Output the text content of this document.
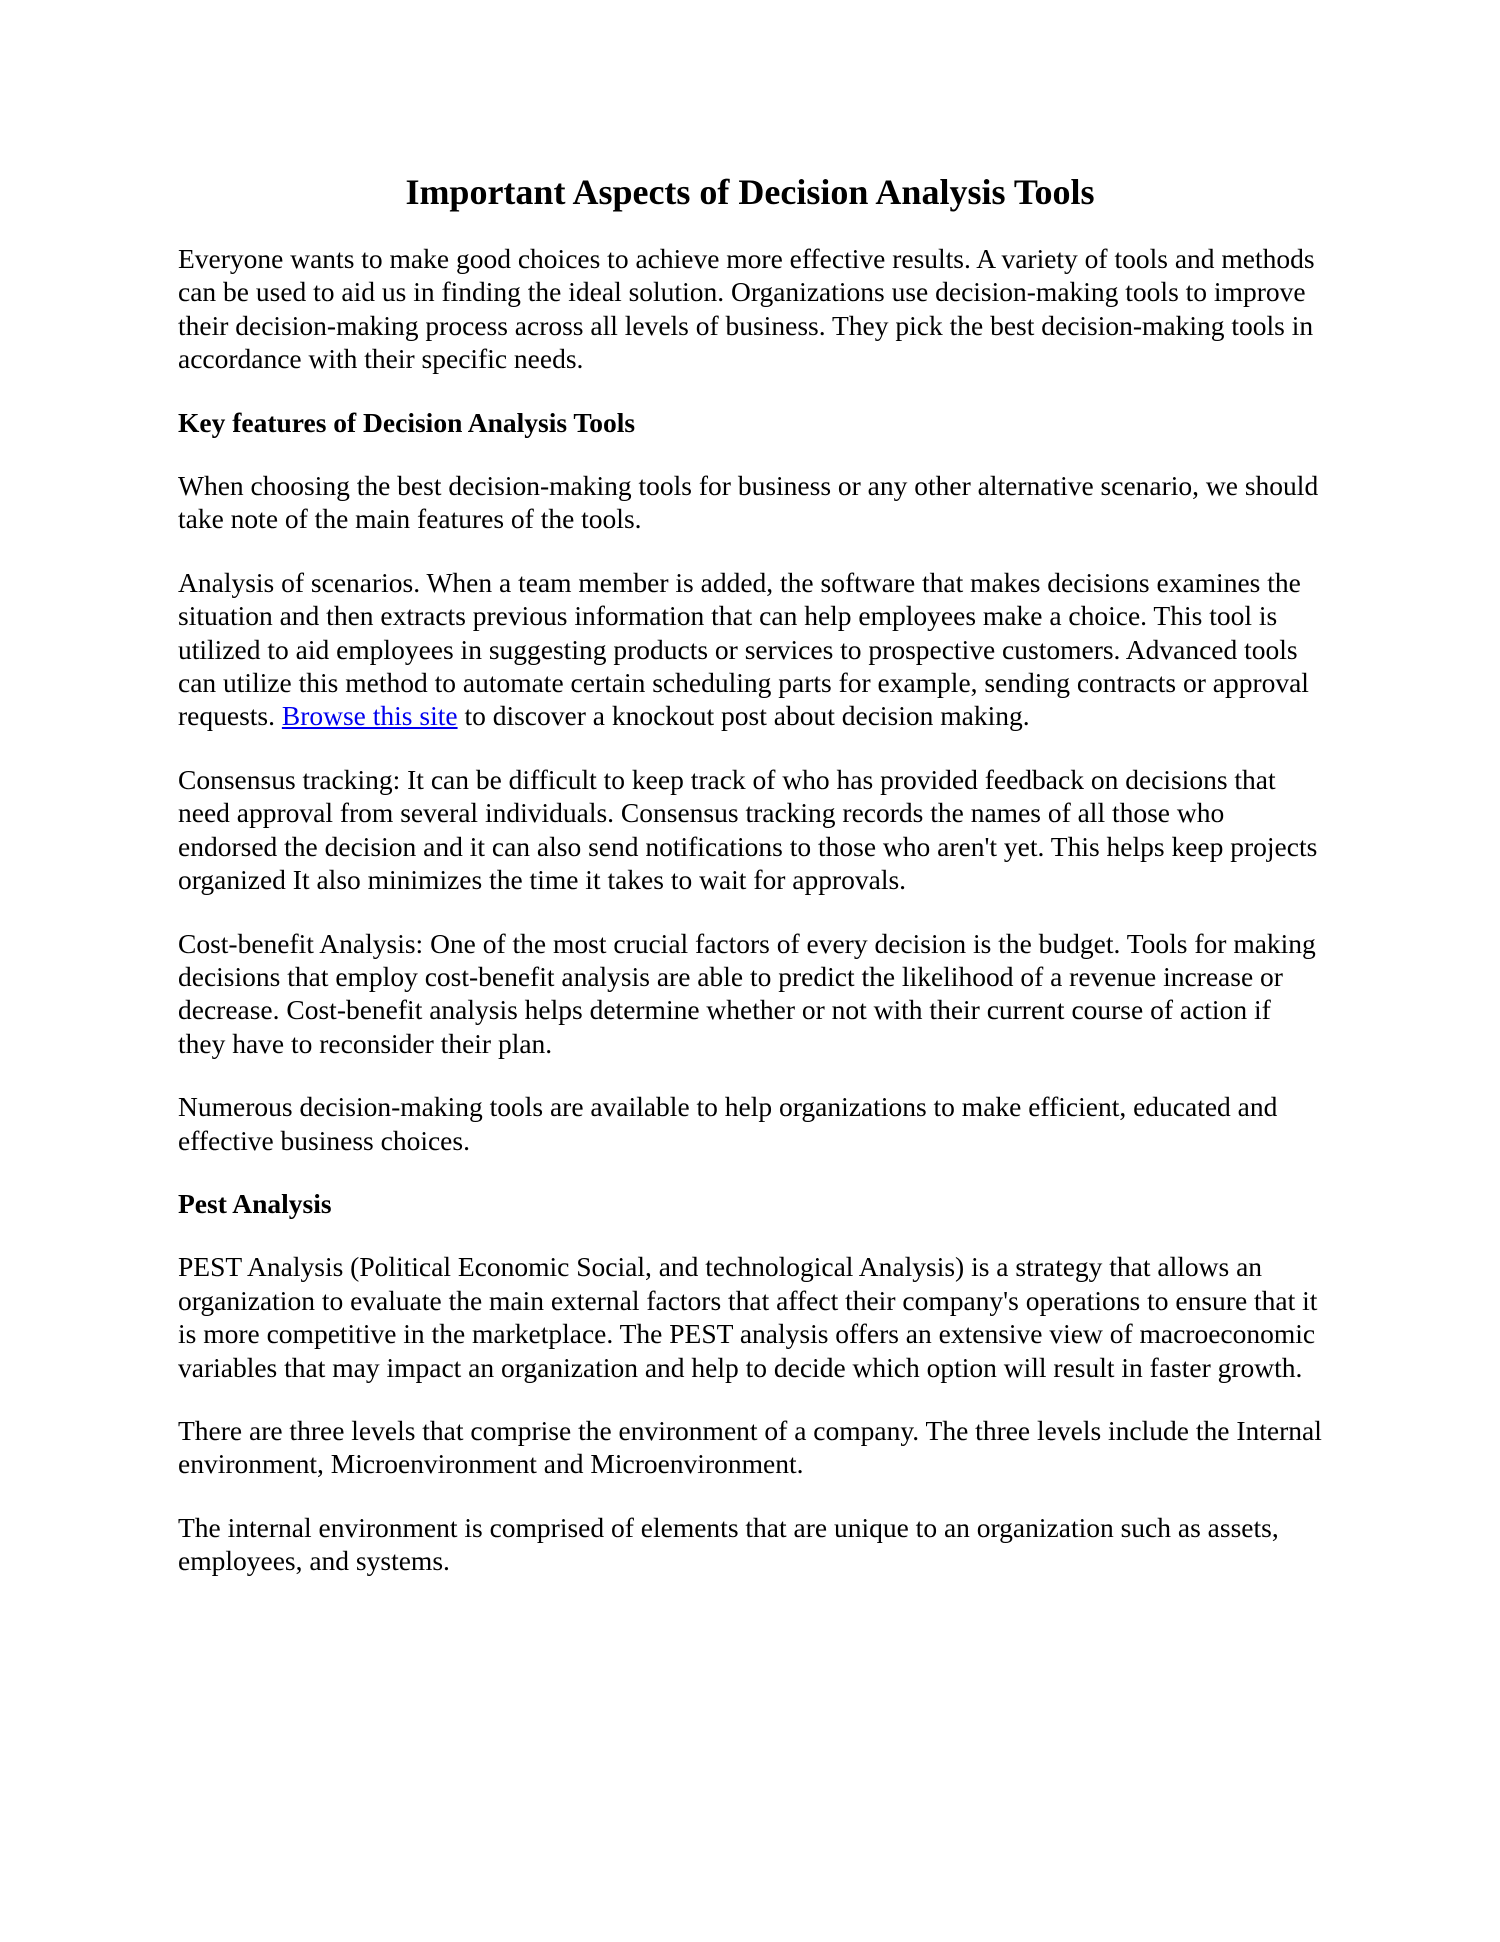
Important Aspects of Decision Analysis Tools

Everyone wants to make good choices to achieve more effective results. A variety of tools and methods can be used to aid us in finding the ideal solution. Organizations use decision-making tools to improve their decision-making process across all levels of business. They pick the best decision-making tools in accordance with their specific needs.

Key features of Decision Analysis Tools

When choosing the best decision-making tools for business or any other alternative scenario, we should take note of the main features of the tools.

Analysis of scenarios. When a team member is added, the software that makes decisions examines the situation and then extracts previous information that can help employees make a choice. This tool is utilized to aid employees in suggesting products or services to prospective customers. Advanced tools can utilize this method to automate certain scheduling parts for example, sending contracts or approval requests. Browse this site to discover a knockout post about decision making.

Consensus tracking: It can be difficult to keep track of who has provided feedback on decisions that need approval from several individuals. Consensus tracking records the names of all those who endorsed the decision and it can also send notifications to those who aren't yet. This helps keep projects organized It also minimizes the time it takes to wait for approvals.

Cost-benefit Analysis: One of the most crucial factors of every decision is the budget. Tools for making decisions that employ cost-benefit analysis are able to predict the likelihood of a revenue increase or decrease. Cost-benefit analysis helps determine whether or not with their current course of action if they have to reconsider their plan.

Numerous decision-making tools are available to help organizations to make efficient, educated and effective business choices.

Pest Analysis

PEST Analysis (Political Economic Social, and technological Analysis) is a strategy that allows an organization to evaluate the main external factors that affect their company's operations to ensure that it is more competitive in the marketplace. The PEST analysis offers an extensive view of macroeconomic variables that may impact an organization and help to decide which option will result in faster growth.

There are three levels that comprise the environment of a company. The three levels include the Internal environment, Microenvironment and Microenvironment.

The internal environment is comprised of elements that are unique to an organization such as assets, employees, and systems.
